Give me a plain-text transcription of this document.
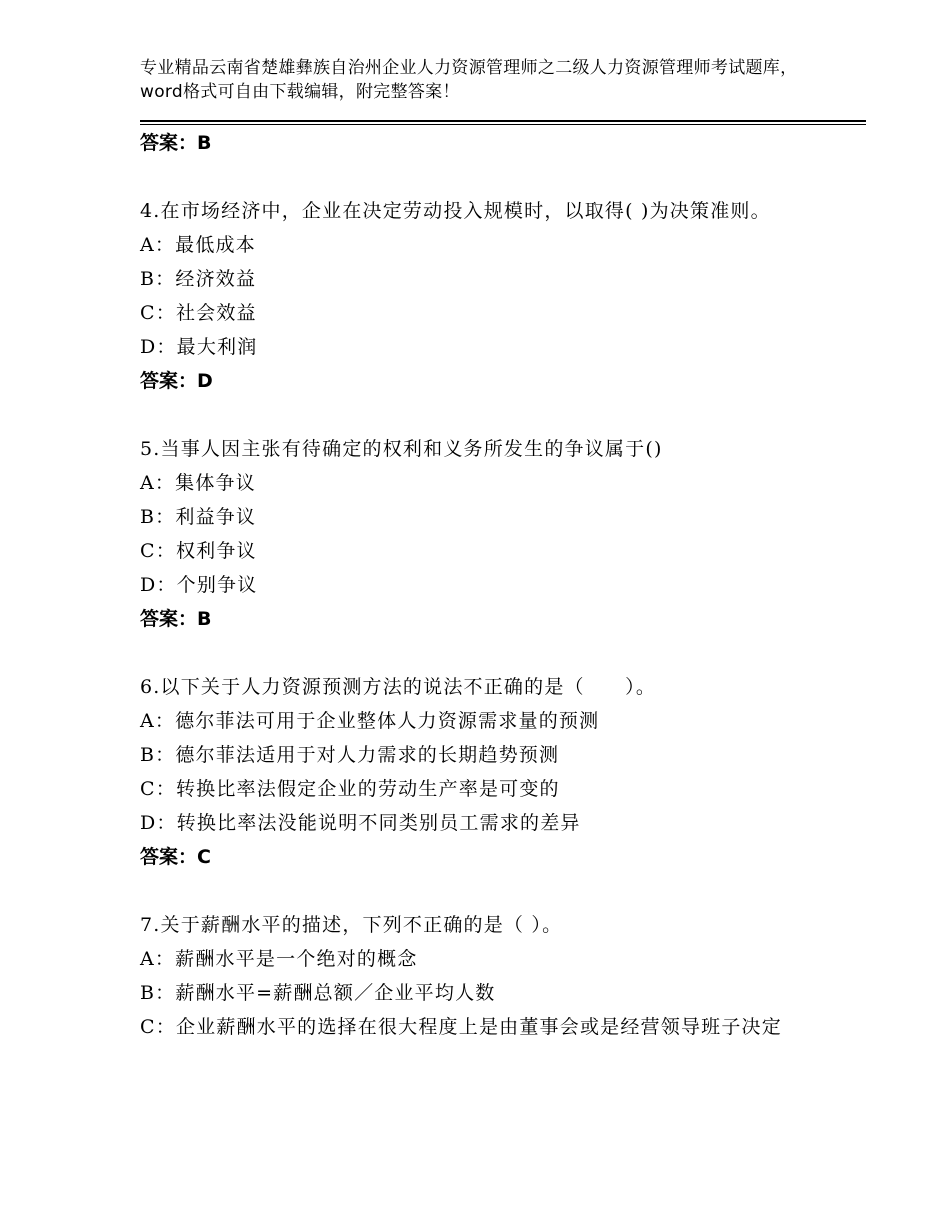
专业精品云南省楚雄彝族自治州企业人力资源管理师之二级人力资源管理师考试题库，word格式可自由下载编辑，附完整答案！
答案：B
4.在市场经济中，企业在决定劳动投入规模时，以取得( )为决策准则。
A：最低成本
B：经济效益
C：社会效益
D：最大利润
答案：D
5.当事人因主张有待确定的权利和义务所发生的争议属于()
A：集体争议
B：利益争议
C：权利争议
D：个别争议
答案：B
6.以下关于人力资源预测方法的说法不正确的是（　　）。
A：德尔菲法可用于企业整体人力资源需求量的预测
B：德尔菲法适用于对人力需求的长期趋势预测
C：转换比率法假定企业的劳动生产率是可变的
D：转换比率法没能说明不同类别员工需求的差异
答案：C
7.关于薪酬水平的描述，下列不正确的是（ ）。
A：薪酬水平是一个绝对的概念
B：薪酬水平=薪酬总额／企业平均人数
C：企业薪酬水平的选择在很大程度上是由董事会或是经营领导班子决定
